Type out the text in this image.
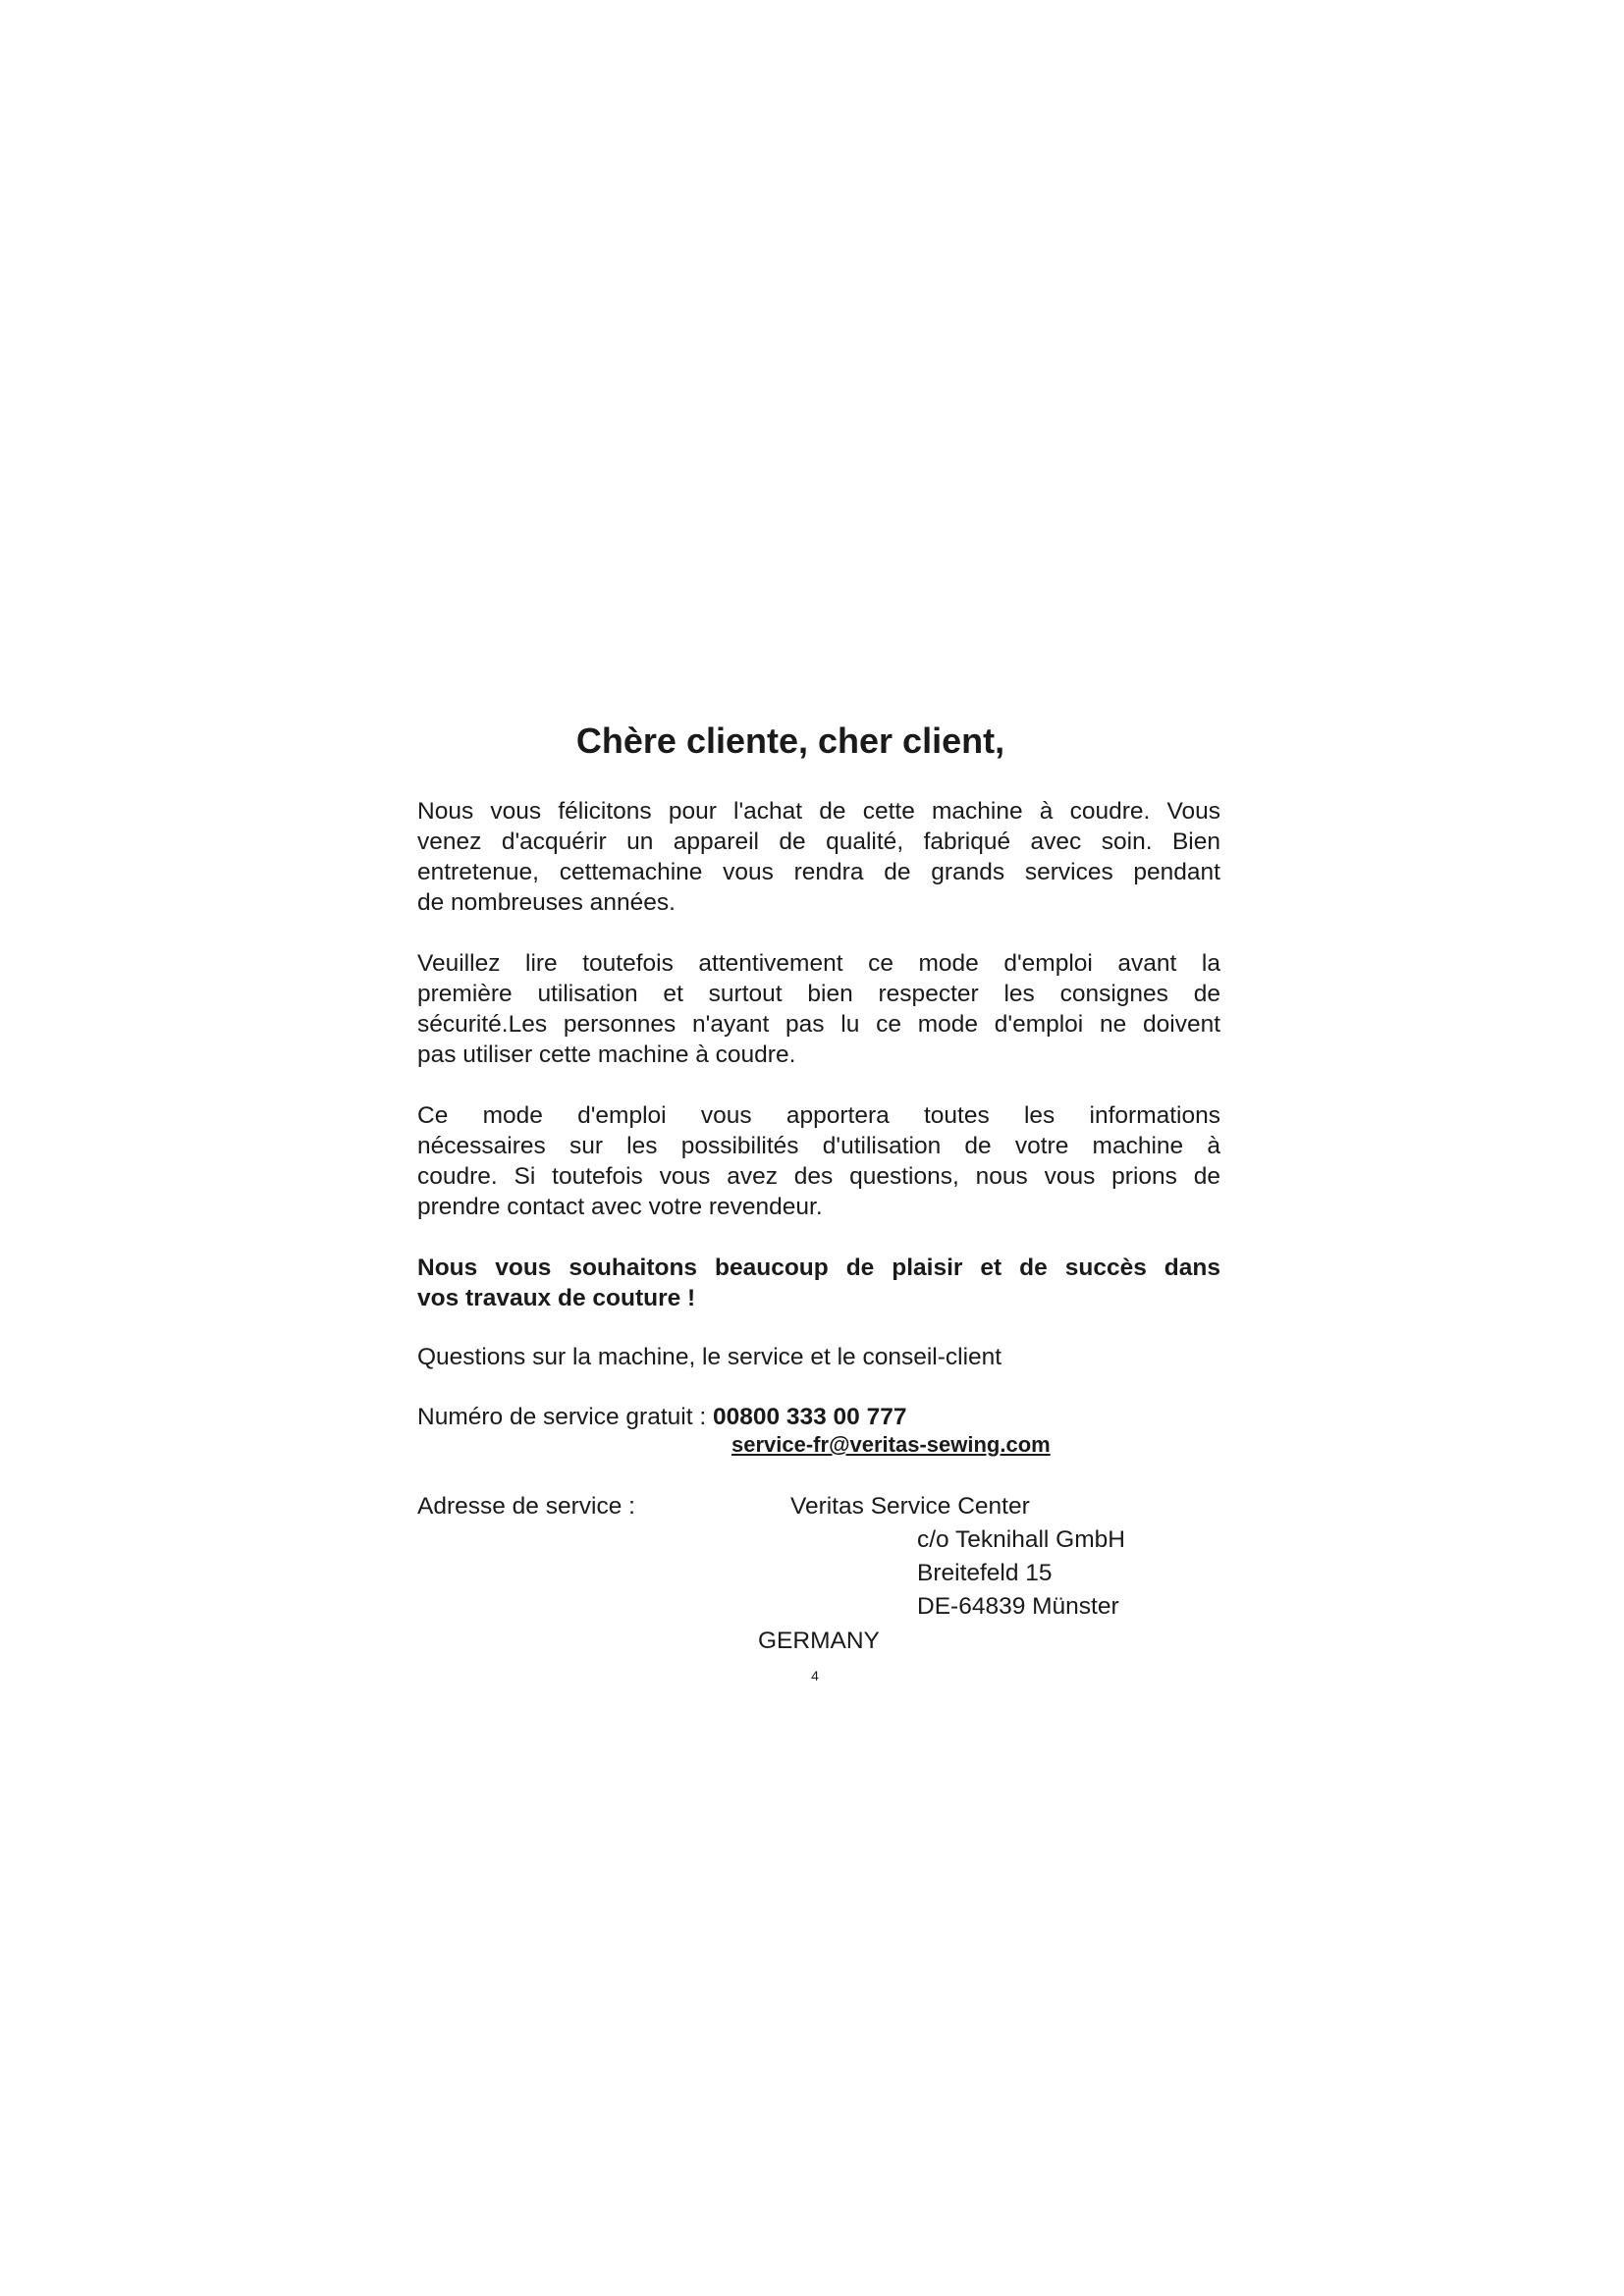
Chère cliente, cher client,

Nous vous félicitons pour l'achat de cette machine à coudre. Vous
venez d'acquérir un appareil de qualité, fabriqué avec soin. Bien
entretenue, cettemachine vous rendra de grands services pendant
de nombreuses années.

Veuillez lire toutefois attentivement ce mode d'emploi avant la
première utilisation et surtout bien respecter les consignes de
sécurité.Les personnes n'ayant pas lu ce mode d'emploi ne doivent
pas utiliser cette machine à coudre.

Ce mode d'emploi vous apportera toutes les informations
nécessaires sur les possibilités d'utilisation de votre machine à
coudre. Si toutefois vous avez des questions, nous vous prions de
prendre contact avec votre revendeur.

Nous vous souhaitons beaucoup de plaisir et de succès dans
vos travaux de couture !

Questions sur la machine, le service et le conseil-client

Numéro de service gratuit : 00800 333 00 777

service-fr@veritas-sewing.com

Adresse de service :	Veritas Service Center

c/o Teknihall GmbH

Breitefeld 15

DE-64839 Münster

GERMANY

4
